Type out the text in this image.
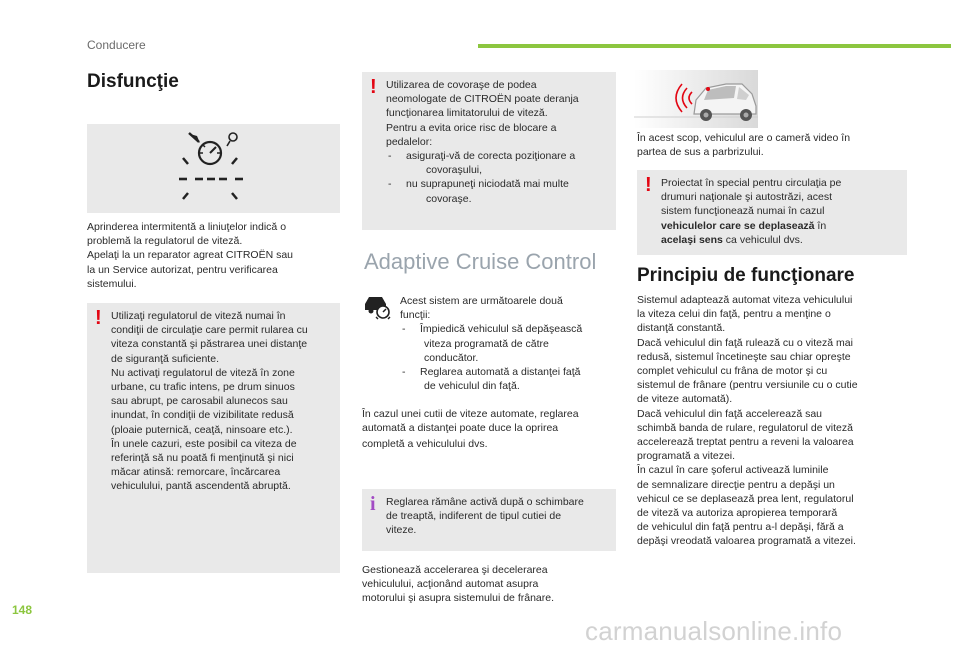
Conducere
Disfuncţie

Aprinderea intermitentă a liniuţelor indică o

problemă la regulatorul de viteză.

Apelaţi la un reparator agreat CITROËN sau

la un Service autorizat, pentru verificarea

sistemului.

! Utilizaţi regulatorul de viteză numai în

condiţii de circulaţie care permit rularea cu

viteza constantă şi păstrarea unei distanţe

de siguranţă suficiente.

Nu activaţi regulatorul de viteză în zone

urbane, cu trafic intens, pe drum sinuos

sau abrupt, pe carosabil alunecos sau

inundat, în condiţii de vizibilitate redusă

(ploaie puternică, ceaţă, ninsoare etc.).

În unele cazuri, este posibil ca viteza de

referinţă să nu poată fi menţinută şi nici

măcar atinsă: remorcare, încărcarea

vehiculului, pantă ascendentă abruptă.

! Utilizarea de covoraşe de podea

neomologate de CITROËN poate deranja

funcţionarea limitatorului de viteză.

Pentru a evita orice risc de blocare a

pedalelor:

- asiguraţi-vă de corecta poziţionare a
covoraşului,
- nu suprapuneţi niciodată mai multe
covoraşe.
Adaptive Cruise Control

Acest sistem are următoarele două

funcţii:

- Împiedică vehiculul să depăşească
viteza programată de către
conducător.
- Reglarea automată a distanţei faţă
de vehiculul din faţă.

În cazul unei cutii de viteze automate, reglarea

automată a distanţei poate duce la oprirea

completă a vehiculului dvs.

i Reglarea rămâne activă după o schimbare

de treaptă, indiferent de tipul cutiei de

viteze.

Gestionează accelerarea şi decelerarea

vehiculului, acţionând automat asupra

motorului şi asupra sistemului de frânare.

În acest scop, vehiculul are o cameră video în

partea de sus a parbrizului.

! Proiectat în special pentru circulaţia pe

drumuri naţionale şi autostrăzi, acest

sistem funcţionează numai în cazul

vehiculelor care se deplasează în

acelaşi sens ca vehiculul dvs.

Principiu de funcţionare

Sistemul adaptează automat viteza vehiculului

la viteza celui din faţă, pentru a menţine o

distanţă constantă.

Dacă vehiculul din faţă rulează cu o viteză mai

redusă, sistemul încetineşte sau chiar opreşte

complet vehiculul cu frâna de motor şi cu

sistemul de frânare (pentru versiunile cu o cutie

de viteze automată).

Dacă vehiculul din faţă accelerează sau

schimbă banda de rulare, regulatorul de viteză

accelerează treptat pentru a reveni la valoarea

programată a vitezei.

În cazul în care şoferul activează luminile

de semnalizare direcţie pentru a depăşi un

vehicul ce se deplasează prea lent, regulatorul

de viteză va autoriza apropierea temporară

de vehiculul din faţă pentru a-l depăşi, fără a

depăşi vreodată valoarea programată a vitezei.

148
carmanualsonline.info
